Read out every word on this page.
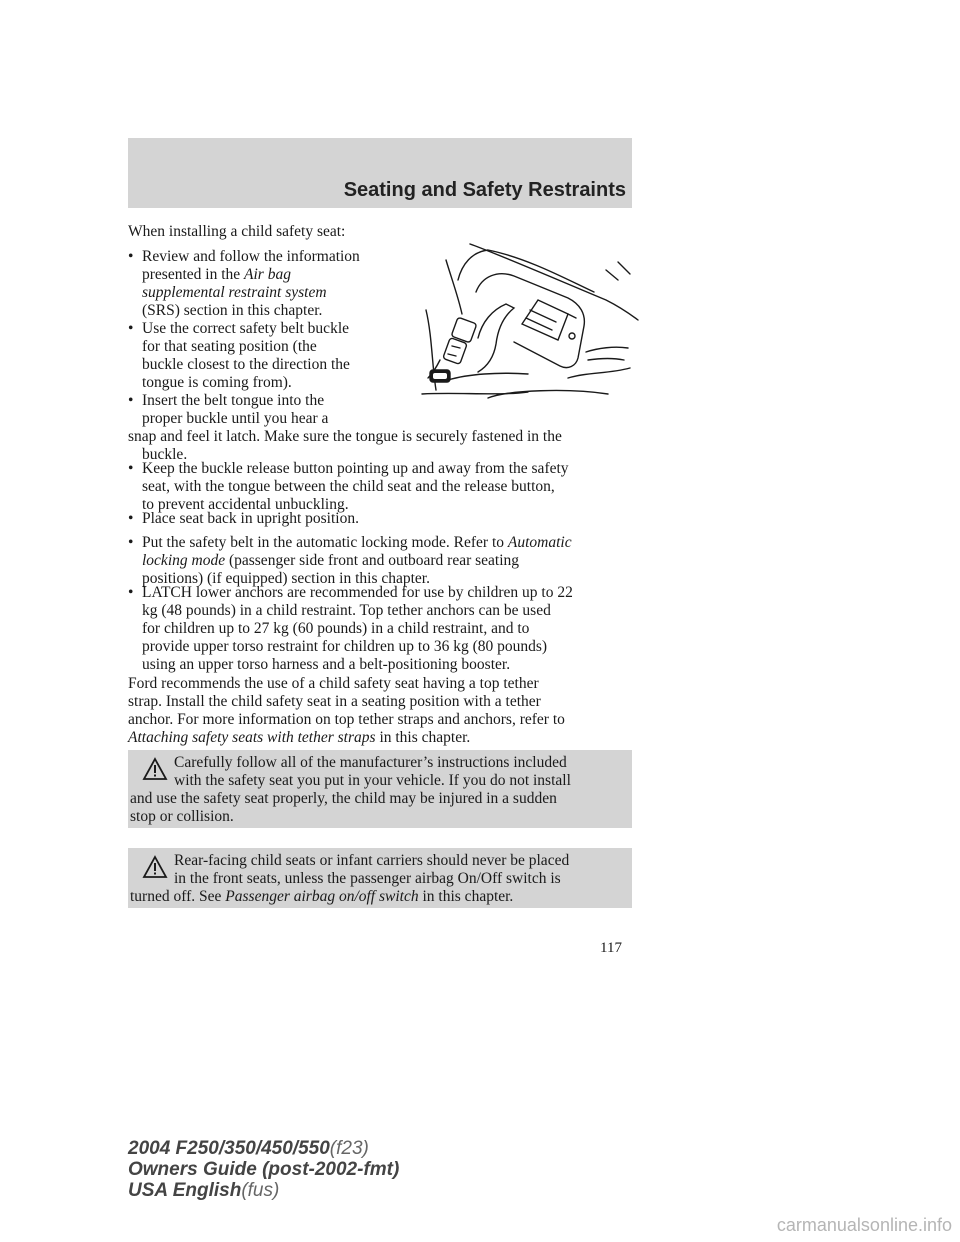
Seating and Safety Restraints
When installing a child safety seat:
• Review and follow the information
presented in the Air bag
supplemental restraint system
(SRS) section in this chapter.
• Use the correct safety belt buckle
for that seating position (the
buckle closest to the direction the
tongue is coming from).
• Insert the belt tongue into the
proper buckle until you hear a
snap and feel it latch. Make sure the tongue is securely fastened in the
buckle.
• Keep the buckle release button pointing up and away from the safety
seat, with the tongue between the child seat and the release button,
to prevent accidental unbuckling.
• Place seat back in upright position.
• Put the safety belt in the automatic locking mode. Refer to Automatic
locking mode (passenger side front and outboard rear seating
positions) (if equipped) section in this chapter.
• LATCH lower anchors are recommended for use by children up to 22
kg (48 pounds) in a child restraint. Top tether anchors can be used
for children up to 27 kg (60 pounds) in a child restraint, and to
provide upper torso restraint for children up to 36 kg (80 pounds)
using an upper torso harness and a belt-positioning booster.
Ford recommends the use of a child safety seat having a top tether
strap. Install the child safety seat in a seating position with a tether
anchor. For more information on top tether straps and anchors, refer to
Attaching safety seats with tether straps in this chapter.
Carefully follow all of the manufacturer’s instructions included
with the safety seat you put in your vehicle. If you do not install
and use the safety seat properly, the child may be injured in a sudden
stop or collision.
Rear-facing child seats or infant carriers should never be placed
in the front seats, unless the passenger airbag On/Off switch is
turned off. See Passenger airbag on/off switch in this chapter.
117
2004 F250/350/450/550(f23)
Owners Guide (post-2002-fmt)
USA English(fus)
carmanualsonline.info
